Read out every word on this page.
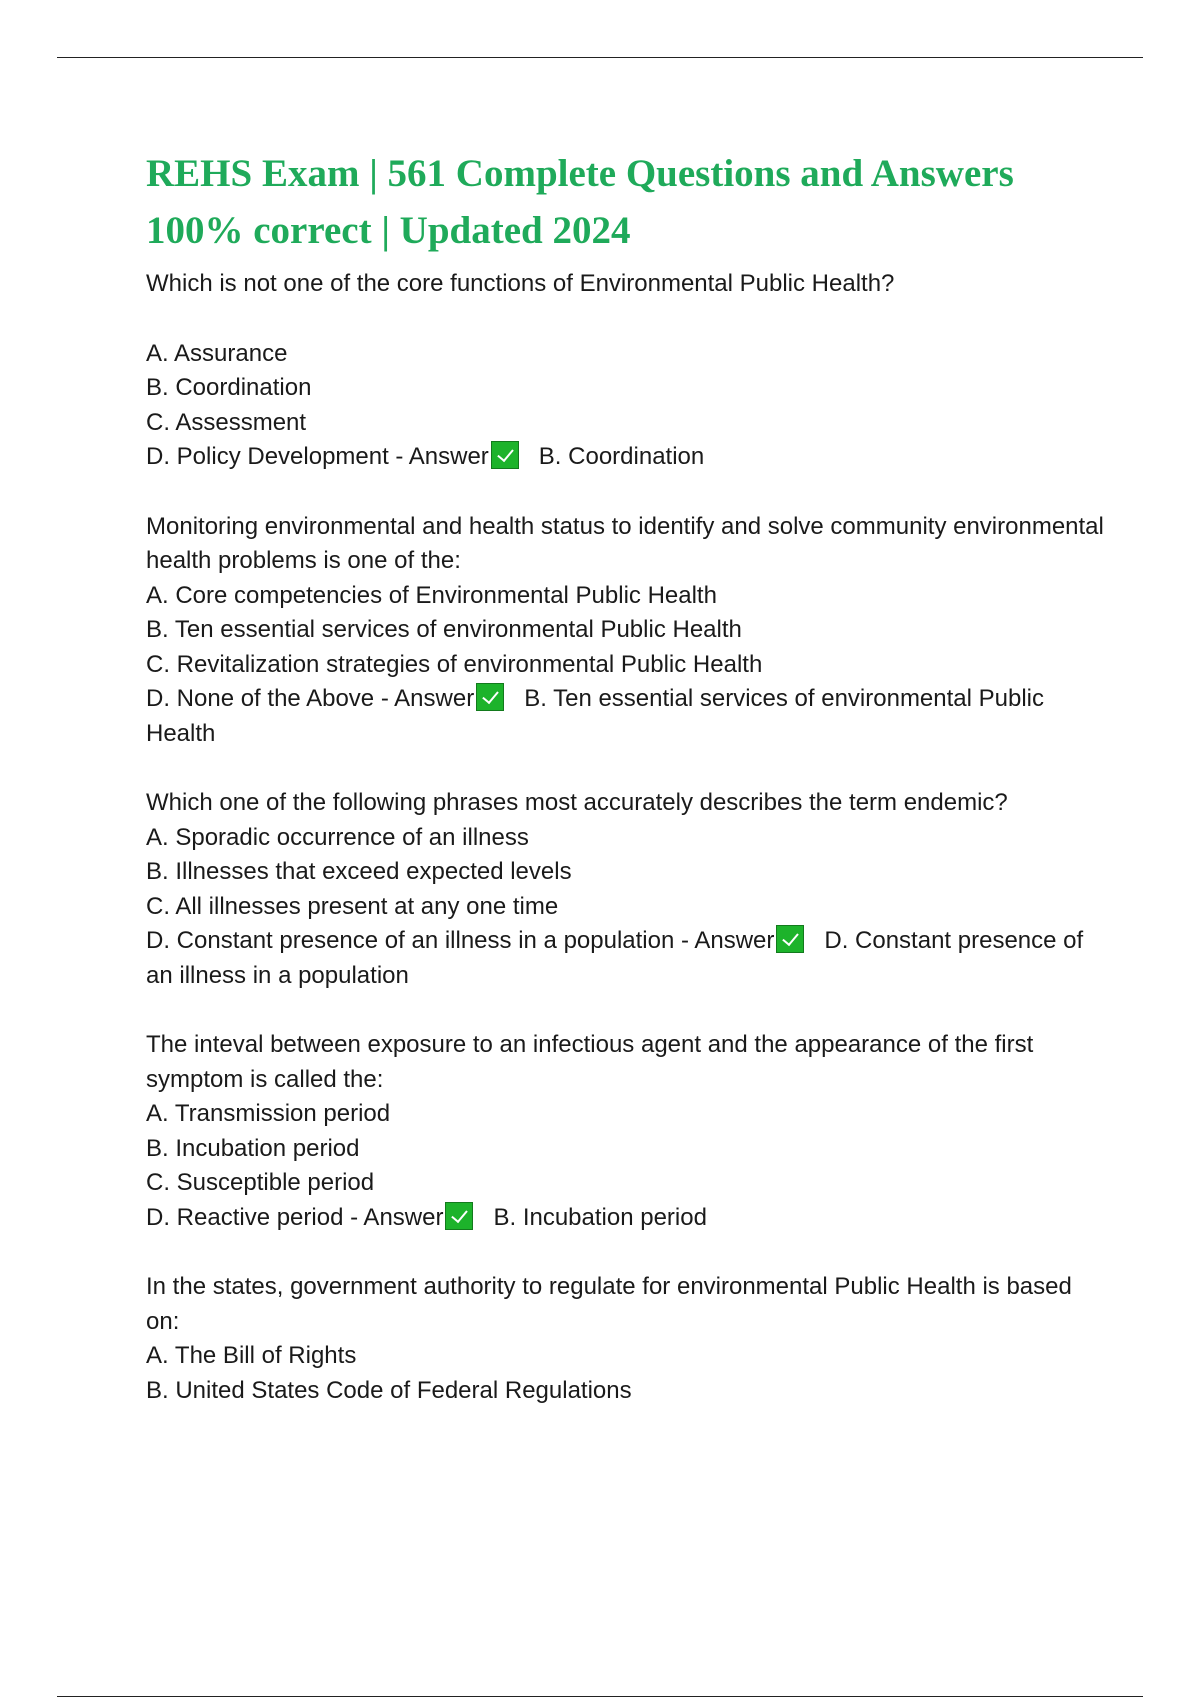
REHS Exam | 561 Complete Questions and Answers
100% correct | Updated 2024

Which is not one of the core functions of Environmental Public Health?

A. Assurance

B. Coordination

C. Assessment

D. Policy Development - Answer B. Coordination

Monitoring environmental and health status to identify and solve community environmental health problems is one of the:

A. Core competencies of Environmental Public Health

B. Ten essential services of environmental Public Health

C. Revitalization strategies of environmental Public Health

D. None of the Above - Answer B. Ten essential services of environmental Public Health

Which one of the following phrases most accurately describes the term endemic?

A. Sporadic occurrence of an illness

B. Illnesses that exceed expected levels

C. All illnesses present at any one time

D. Constant presence of an illness in a population - Answer D. Constant presence of an illness in a population

The inteval between exposure to an infectious agent and the appearance of the first symptom is called the:

A. Transmission period

B. Incubation period

C. Susceptible period

D. Reactive period - Answer B. Incubation period

In the states, government authority to regulate for environmental Public Health is based on:

A. The Bill of Rights

B. United States Code of Federal Regulations
